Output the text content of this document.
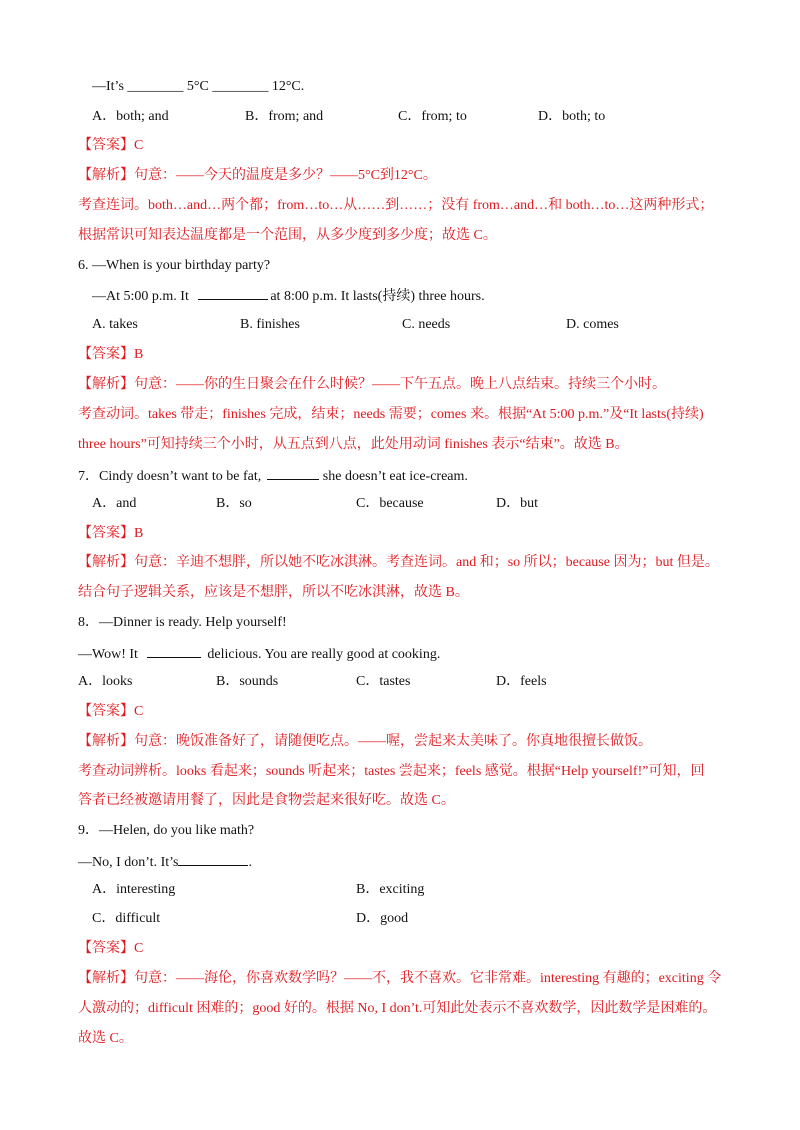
—It’s ________ 5°C ________ 12°C.
A．both; and	B．from; and	C．from; to	D．both; to
【答案】C
【解析】句意：——今天的温度是多少？——5°C到12°C。
考查连词。both…and…两个都；from…to…从……到……；没有 from…and…和 both…to…这两种形式；
根据常识可知表达温度都是一个范围，从多少度到多少度；故选 C。
6. —When is your birthday party?
—At 5:00 p.m. It	at 8:00 p.m. It lasts(持续) three hours.
A. takes	B. finishes	C. needs	D. comes
【答案】B
【解析】句意：——你的生日聚会在什么时候？——下午五点。晚上八点结束。持续三个小时。
考查动词。takes 带走；finishes 完成，结束；needs 需要；comes 来。根据“At 5:00 p.m.”及“It lasts(持续)
three hours”可知持续三个小时，从五点到八点，此处用动词 finishes 表示“结束”。故选 B。
7．Cindy doesn’t want to be fat,	she doesn’t eat ice-cream.
A．and	B．so	C．because	D．but
【答案】B
【解析】句意：辛迪不想胖，所以她不吃冰淇淋。考查连词。and 和；so 所以；because 因为；but 但是。
结合句子逻辑关系，应该是不想胖，所以不吃冰淇淋，故选 B。
8．—Dinner is ready. Help yourself!
—Wow! It	delicious. You are really good at cooking.
A．looks	B．sounds	C．tastes	D．feels
【答案】C
【解析】句意：晚饭准备好了，请随便吃点。——喔，尝起来太美味了。你真地很擅长做饭。
考查动词辨析。looks 看起来；sounds 听起来；tastes 尝起来；feels 感觉。根据“Help yourself!”可知，回
答者已经被邀请用餐了，因此是食物尝起来很好吃。故选 C。
9．—Helen, do you like math?
—No, I don’t. It’s	.
A．interesting	B．exciting
C．difficult	D．good
【答案】C
【解析】句意：——海伦，你喜欢数学吗？——不，我不喜欢。它非常难。interesting 有趣的；exciting 令
人激动的；difficult 困难的；good 好的。根据 No, I don’t.可知此处表示不喜欢数学，因此数学是困难的。
故选 C。
